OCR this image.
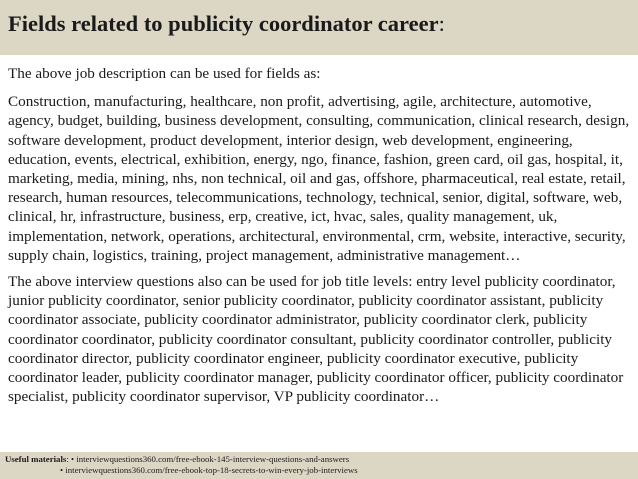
Fields related to publicity coordinator career:

The above job description can be used for fields as:

Construction, manufacturing, healthcare, non profit, advertising, agile, architecture, automotive, agency, budget, building, business development, consulting, communication, clinical research, design, software development, product development, interior design, web development, engineering, education, events, electrical, exhibition, energy, ngo, finance, fashion, green card, oil gas, hospital, it, marketing, media, mining, nhs, non technical, oil and gas, offshore, pharmaceutical, real estate, retail, research, human resources, telecommunications, technology, technical, senior, digital, software, web, clinical, hr, infrastructure, business, erp, creative, ict, hvac, sales, quality management, uk, implementation, network, operations, architectural, environmental, crm, website, interactive, security, supply chain, logistics, training, project management, administrative management…

The above interview questions also can be used for job title levels: entry level publicity coordinator, junior publicity coordinator, senior publicity coordinator, publicity coordinator assistant, publicity coordinator associate, publicity coordinator administrator, publicity coordinator clerk, publicity coordinator coordinator, publicity coordinator consultant, publicity coordinator controller, publicity coordinator director, publicity coordinator engineer, publicity coordinator executive, publicity coordinator leader, publicity coordinator manager, publicity coordinator officer, publicity coordinator specialist, publicity coordinator supervisor, VP publicity coordinator…

Useful materials: • interviewquestions360.com/free-ebook-145-interview-questions-and-answers
• interviewquestions360.com/free-ebook-top-18-secrets-to-win-every-job-interviews
